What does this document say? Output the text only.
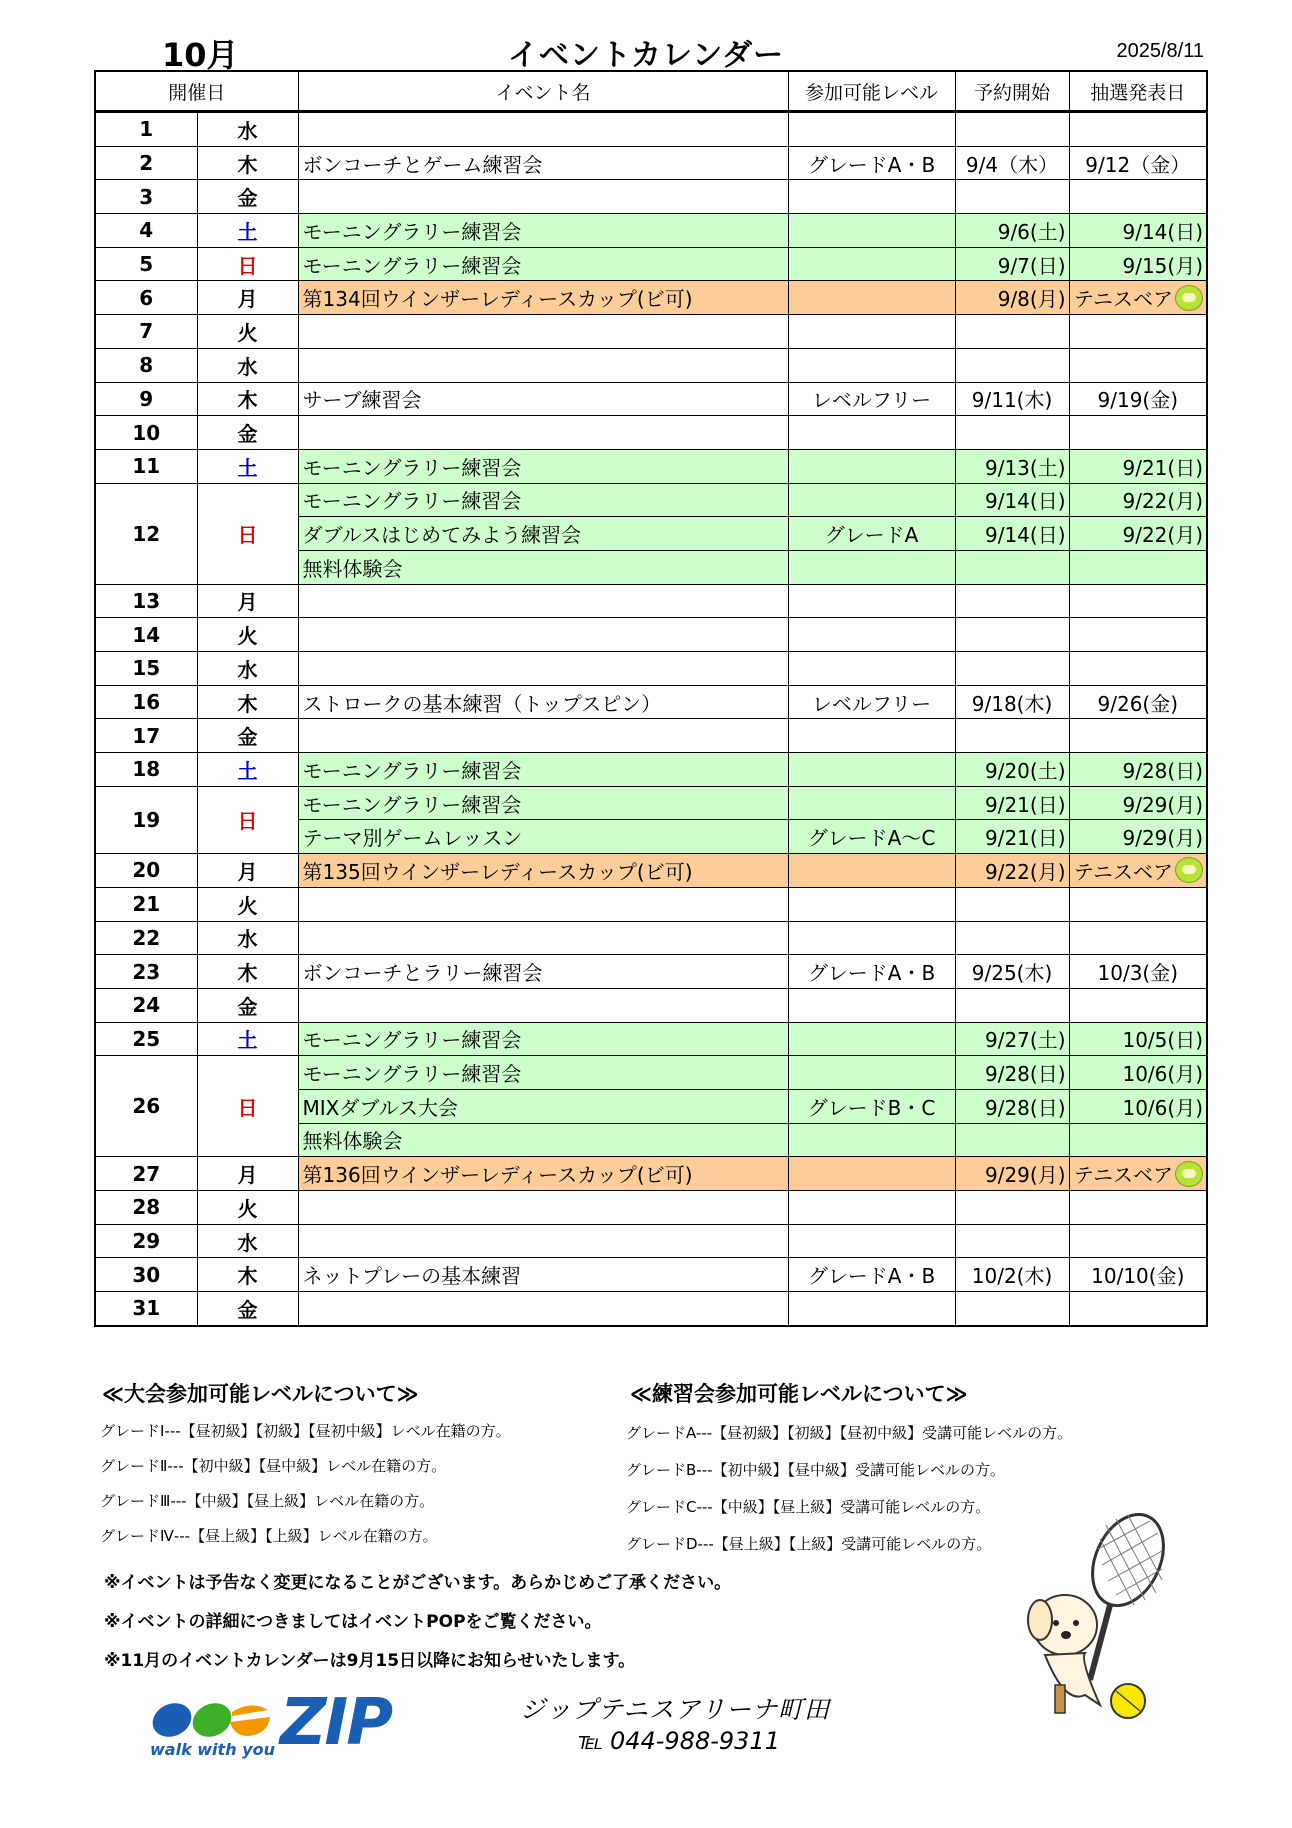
10月	イベントカレンダー	2025/8/11
開催日		イベント名	参加可能レベル	予約開始	抽選発表日
1	水				
2	木	ボンコーチとゲーム練習会	グレードA・B	9/4（木）	9/12（金）
3	金				
4	土	モーニングラリー練習会		9/6(土)	9/14(日)
5	日	モーニングラリー練習会		9/7(日)	9/15(月)
6	月	第134回ウインザーレディースカップ(ビ可)		9/8(月)	テニスベア

7	火				
8	水				
9	木	サーブ練習会	レベルフリー	9/11(木)	9/19(金)
10	金				
11	土	モーニングラリー練習会		9/13(土)	9/21(日)
12	日	モーニングラリー練習会		9/14(日)	9/22(月)
		ダブルスはじめてみよう練習会	グレードA	9/14(日)	9/22(月)
		無料体験会			
13	月				
14	火				
15	水				
16	木	ストロークの基本練習（トップスピン）	レベルフリー	9/18(木)	9/26(金)
17	金				
18	土	モーニングラリー練習会		9/20(土)	9/28(日)
19	日	モーニングラリー練習会		9/21(日)	9/29(月)
		テーマ別ゲームレッスン	グレードA～C	9/21(日)	9/29(月)
20	月	第135回ウインザーレディースカップ(ビ可)		9/22(月)	テニスベア

21	火				
22	水				
23	木	ボンコーチとラリー練習会	グレードA・B	9/25(木)	10/3(金)
24	金				
25	土	モーニングラリー練習会		9/27(土)	10/5(日)
26	日	モーニングラリー練習会		9/28(日)	10/6(月)
		MIXダブルス大会	グレードB・C	9/28(日)	10/6(月)
		無料体験会			
27	月	第136回ウインザーレディースカップ(ビ可)		9/29(月)	テニスベア

28	火				
29	水				
30	木	ネットプレーの基本練習	グレードA・B	10/2(木)	10/10(金)
31	金				
≪大会参加可能レベルについて≫
グレードⅠ---【昼初級】【初級】【昼初中級】レベル在籍の方。
グレードⅡ---【初中級】【昼中級】レベル在籍の方。
グレードⅢ---【中級】【昼上級】レベル在籍の方。
グレードⅣ---【昼上級】【上級】レベル在籍の方。
≪練習会参加可能レベルについて≫
グレードA---【昼初級】【初級】【昼初中級】受講可能レベルの方。
グレードB---【初中級】【昼中級】受講可能レベルの方。
グレードC---【中級】【昼上級】受講可能レベルの方。
グレードD---【昼上級】【上級】受講可能レベルの方。
※イベントは予告なく変更になることがございます。あらかじめご了承ください。
※イベントの詳細につきましてはイベントPOPをご覧ください。
※11月のイベントカレンダーは9月15日以降にお知らせいたします。
walk with you ZIP	ジップテニスアリーナ町田
℡ 044-988-9311
